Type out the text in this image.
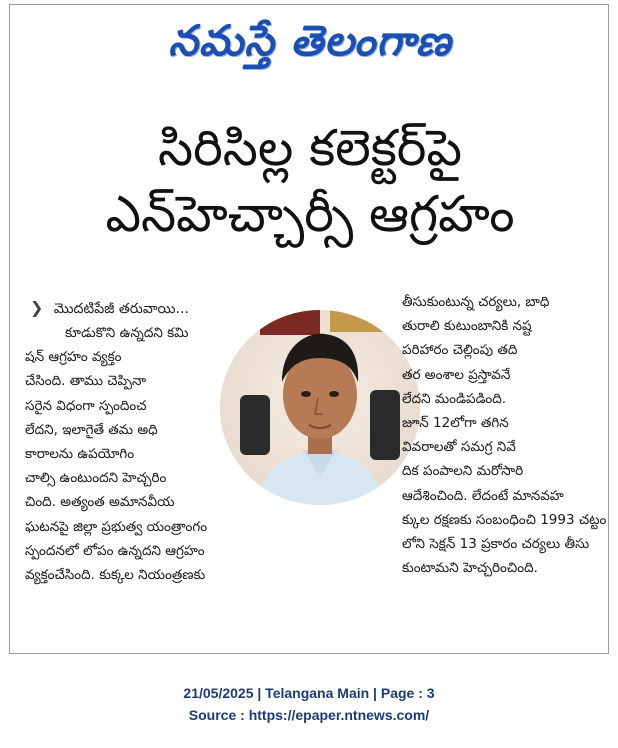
నమస్తే తెలంగాణ
సిరిసిల్ల కలెక్టర్‌పై
ఎన్‌హెచ్చార్సీ ఆగ్రహం
❯ మొదటిపేజీ తరువాయి...
కూడుకొని ఉన్నదని కమి
షన్ ఆగ్రహం వ్యక్తం
చేసింది. తాము చెప్పినా
సరైన విధంగా స్పందించ
లేదని, ఇలాగైతే తమ అధి
కారాలను ఉపయోగిం
చాల్సి ఉంటుందని హెచ్చరిం
చింది. అత్యంత అమానవీయ
ఘటనపై జిల్లా ప్రభుత్వ యంత్రాంగం
స్పందనలో లోపం ఉన్నదని ఆగ్రహం
వ్యక్తంచేసింది. కుక్కల నియంత్రణకు
తీసుకుంటున్న చర్యలు, బాధి
తురాలి కుటుంబానికి నష్ట
పరిహారం చెల్లింపు తది
తర అంశాల ప్రస్తావనే
లేదని మండిపడింది.
జూన్ 12లోగా తగిన
వివరాలతో సమగ్ర నివే
దిక పంపాలని మరోసారి
ఆదేశించింది. లేదంటే మానవహ
క్కుల రక్షణకు సంబంధించి 1993 చట్టం
లోని సెక్షన్ 13 ప్రకారం చర్యలు తీసు
కుంటామని హెచ్చరించింది.
21/05/2025 | Telangana Main | Page : 3
Source : https://epaper.ntnews.com/
